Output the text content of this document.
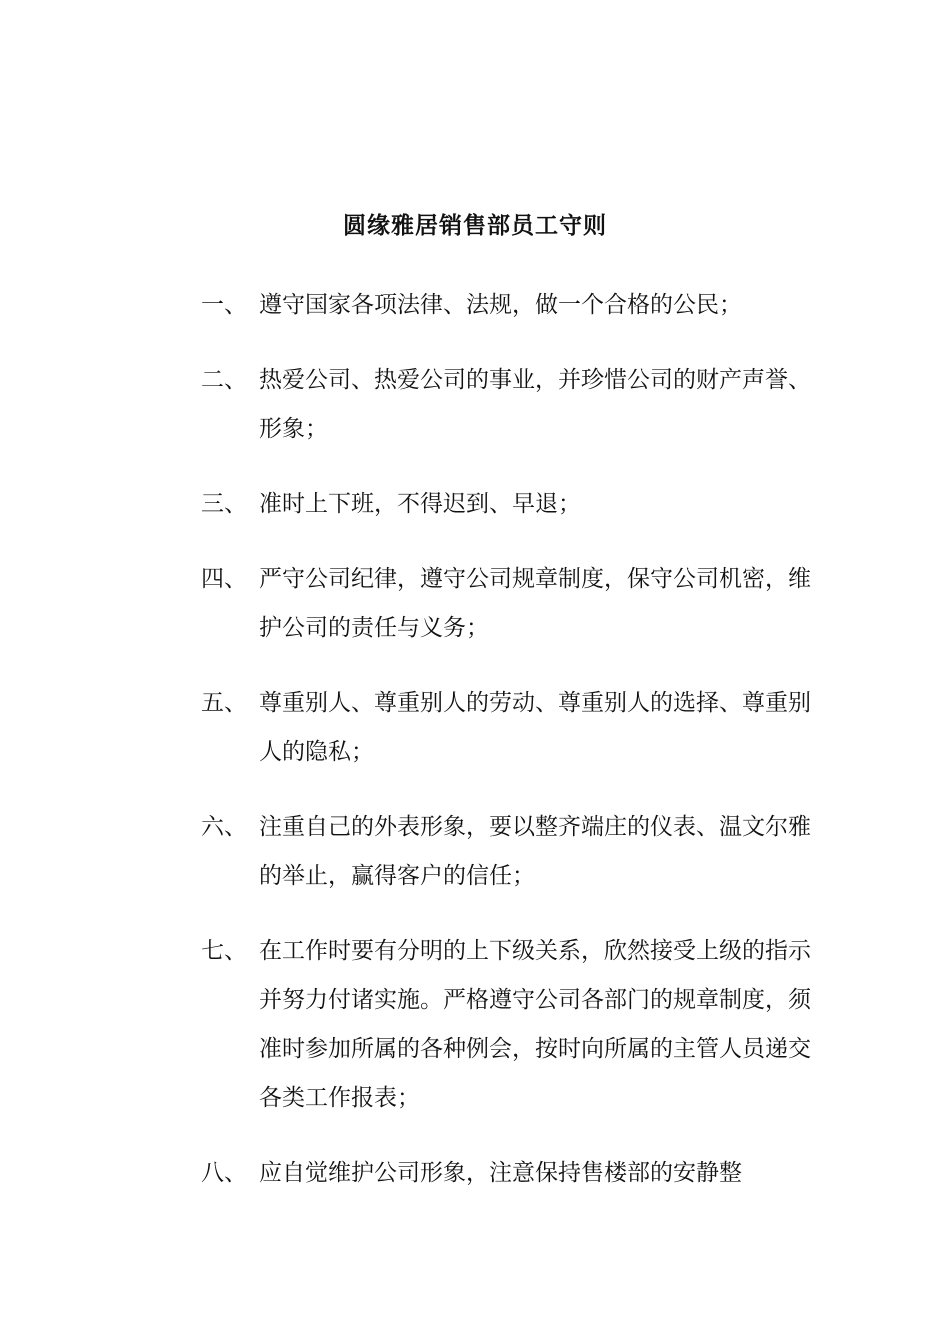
圆缘雅居销售部员工守则
一、 遵守国家各项法律、法规，做一个合格的公民；
二、 热爱公司、热爱公司的事业，并珍惜公司的财产声誉、形象；
三、 准时上下班，不得迟到、早退；
四、 严守公司纪律，遵守公司规章制度，保守公司机密，维护公司的责任与义务；
五、 尊重别人、尊重别人的劳动、尊重别人的选择、尊重别人的隐私；
六、 注重自己的外表形象，要以整齐端庄的仪表、温文尔雅的举止，赢得客户的信任；
七、 在工作时要有分明的上下级关系，欣然接受上级的指示并努力付诸实施。严格遵守公司各部门的规章制度，须准时参加所属的各种例会，按时向所属的主管人员递交各类工作报表；
八、 应自觉维护公司形象，注意保持售楼部的安静整
